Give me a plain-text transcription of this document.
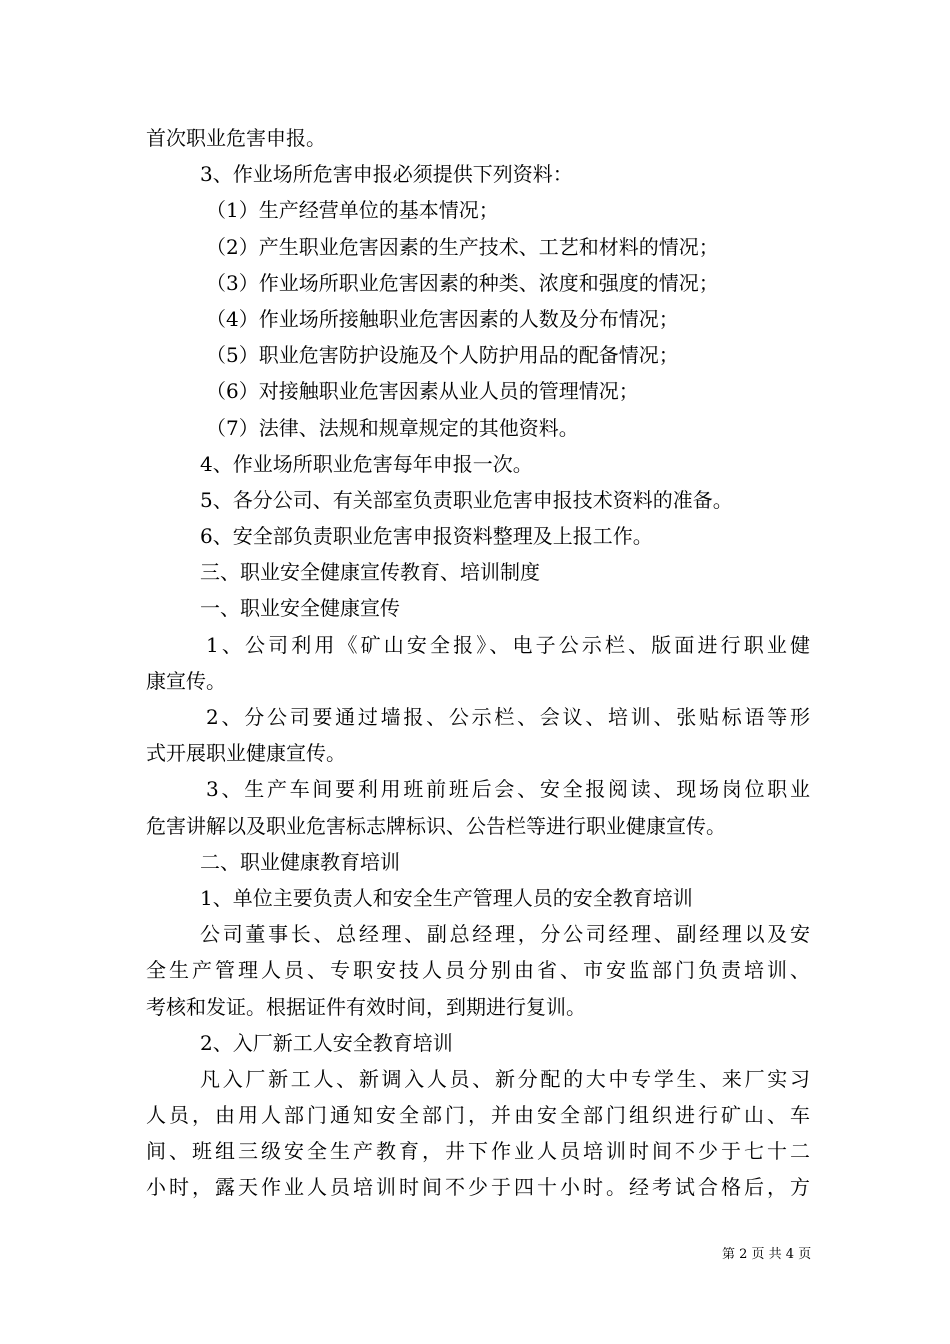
首次职业危害申报。
3、作业场所危害申报必须提供下列资料：
（1）生产经营单位的基本情况；
（2）产生职业危害因素的生产技术、工艺和材料的情况；
（3）作业场所职业危害因素的种类、浓度和强度的情况；
（4）作业场所接触职业危害因素的人数及分布情况；
（5）职业危害防护设施及个人防护用品的配备情况；
（6）对接触职业危害因素从业人员的管理情况；
（7）法律、法规和规章规定的其他资料。
4、作业场所职业危害每年申报一次。
5、各分公司、有关部室负责职业危害申报技术资料的准备。
6、安全部负责职业危害申报资料整理及上报工作。
三、职业安全健康宣传教育、培训制度
一、职业安全健康宣传
1、公司利用《矿山安全报》、电子公示栏、版面进行职业健
康宣传。
2、分公司要通过墙报、公示栏、会议、培训、张贴标语等形
式开展职业健康宣传。
3、生产车间要利用班前班后会、安全报阅读、现场岗位职业
危害讲解以及职业危害标志牌标识、公告栏等进行职业健康宣传。
二、职业健康教育培训
1、单位主要负责人和安全生产管理人员的安全教育培训
公司董事长、总经理、副总经理，分公司经理、副经理以及安
全生产管理人员、专职安技人员分别由省、市安监部门负责培训、
考核和发证。根据证件有效时间，到期进行复训。
2、入厂新工人安全教育培训
凡入厂新工人、新调入人员、新分配的大中专学生、来厂实习
人员，由用人部门通知安全部门，并由安全部门组织进行矿山、车
间、班组三级安全生产教育，井下作业人员培训时间不少于七十二
小时，露天作业人员培训时间不少于四十小时。经考试合格后，方
第 2 页 共 4 页
